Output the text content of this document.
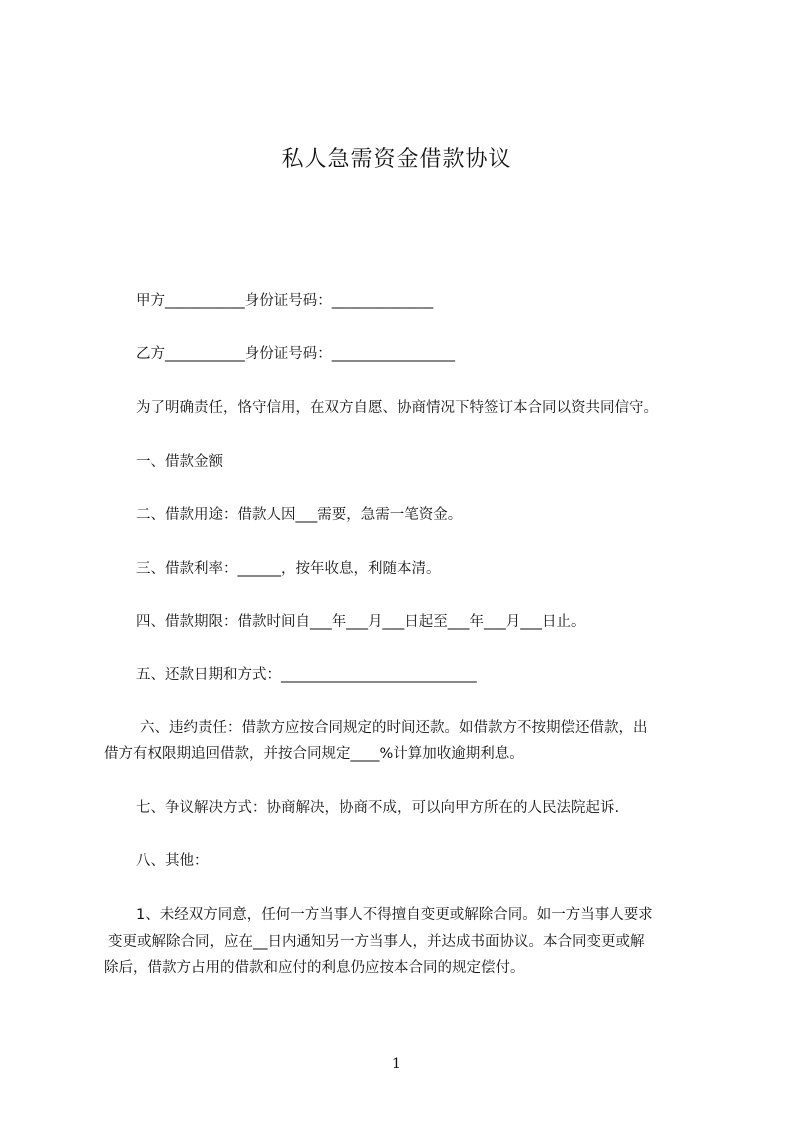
私人急需资金借款协议
甲方___________身份证号码：______________
乙方___________身份证号码：_________________
为了明确责任，恪守信用，在双方自愿、协商情况下特签订本合同以资共同信守。
一、借款金额
二、借款用途：借款人因___需要，急需一笔资金。
三、借款利率：______，按年收息，利随本清。
四、借款期限：借款时间自___年___月___日起至___年___月___日止。
五、还款日期和方式：___________________________
六、违约责任：借款方应按合同规定的时间还款。如借款方不按期偿还借款，出
借方有权限期追回借款，并按合同规定____%计算加收逾期利息。
七、争议解决方式：协商解决，协商不成，可以向甲方所在的人民法院起诉.
八、其他：
1、未经双方同意，任何一方当事人不得擅自变更或解除合同。如一方当事人要求
变更或解除合同，应在__日内通知另一方当事人，并达成书面协议。本合同变更或解
除后，借款方占用的借款和应付的利息仍应按本合同的规定偿付。
1
